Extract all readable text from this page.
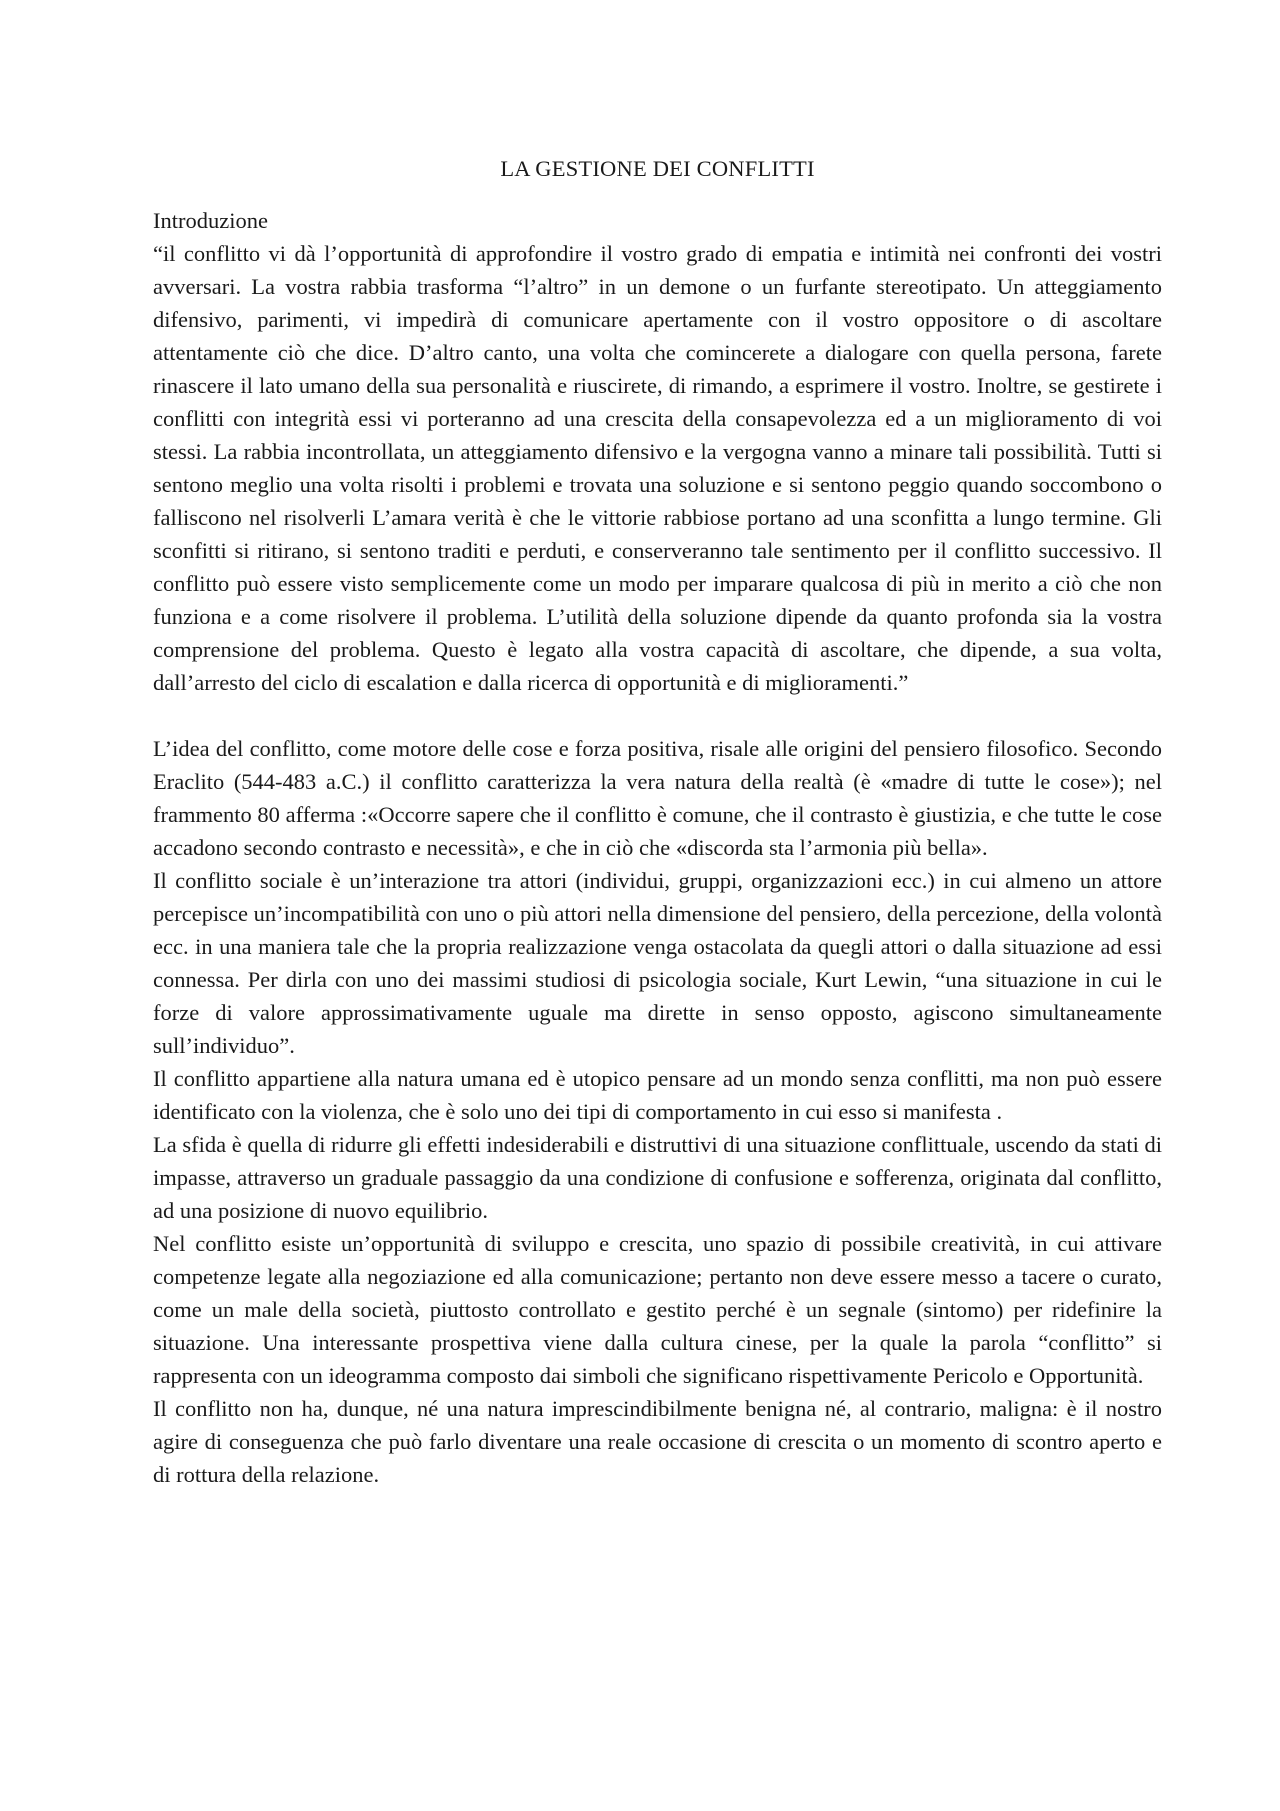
LA GESTIONE DEI CONFLITTI

Introduzione

“il conflitto vi dà l’opportunità di approfondire il vostro grado di empatia e intimità nei confronti dei vostri avversari. La vostra rabbia trasforma “l’altro” in un demone o un furfante stereotipato. Un atteggiamento difensivo, parimenti, vi impedirà di comunicare apertamente con il vostro oppositore o di ascoltare attentamente ciò che dice. D’altro canto, una volta che comincerete a dialogare con quella persona, farete rinascere il lato umano della sua personalità e riuscirete, di rimando, a esprimere il vostro. Inoltre, se gestirete i conflitti con integrità essi vi porteranno ad una crescita della consapevolezza ed a un miglioramento di voi stessi. La rabbia incontrollata, un atteggiamento difensivo e la vergogna vanno a minare tali possibilità. Tutti si sentono meglio una volta risolti i problemi e trovata una soluzione e si sentono peggio quando soccombono o falliscono nel risolverli L’amara verità è che le vittorie rabbiose portano ad una sconfitta a lungo termine. Gli sconfitti si ritirano, si sentono traditi e perduti, e conserveranno tale sentimento per il conflitto successivo. Il conflitto può essere visto semplicemente come un modo per imparare qualcosa di più in merito a ciò che non funziona e a come risolvere il problema. L’utilità della soluzione dipende da quanto profonda sia la vostra comprensione del problema. Questo è legato alla vostra capacità di ascoltare, che dipende, a sua volta, dall’arresto del ciclo di escalation e dalla ricerca di opportunità e di miglioramenti.”

L’idea del conflitto, come motore delle cose e forza positiva, risale alle origini del pensiero filosofico. Secondo Eraclito (544-483 a.C.) il conflitto caratterizza la vera natura della realtà (è «madre di tutte le cose»); nel frammento 80 afferma :«Occorre sapere che il conflitto è comune, che il contrasto è giustizia, e che tutte le cose accadono secondo contrasto e necessità», e che in ciò che «discorda sta l’armonia più bella».

Il conflitto sociale è un’interazione tra attori (individui, gruppi, organizzazioni ecc.) in cui almeno un attore percepisce un’incompatibilità con uno o più attori nella dimensione del pensiero, della percezione, della volontà ecc. in una maniera tale che la propria realizzazione venga ostacolata da quegli attori o dalla situazione ad essi connessa. Per dirla con uno dei massimi studiosi di psicologia sociale, Kurt Lewin, “una situazione in cui le forze di valore approssimativamente uguale ma dirette in senso opposto, agiscono simultaneamente sull’individuo”.

Il conflitto appartiene alla natura umana ed è utopico pensare ad un mondo senza conflitti, ma non può essere identificato con la violenza, che è solo uno dei tipi di comportamento in cui esso si manifesta .

La sfida è quella di ridurre gli effetti indesiderabili e distruttivi di una situazione conflittuale, uscendo da stati di impasse, attraverso un graduale passaggio da una condizione di confusione e sofferenza, originata dal conflitto, ad una posizione di nuovo equilibrio.

Nel conflitto esiste un’opportunità di sviluppo e crescita, uno spazio di possibile creatività, in cui attivare competenze legate alla negoziazione ed alla comunicazione; pertanto non deve essere messo a tacere o curato, come un male della società, piuttosto controllato e gestito perché è un segnale (sintomo) per ridefinire la situazione. Una interessante prospettiva viene dalla cultura cinese, per la quale la parola “conflitto” si rappresenta con un ideogramma composto dai simboli che significano rispettivamente Pericolo e Opportunità.

Il conflitto non ha, dunque, né una natura imprescindibilmente benigna né, al contrario, maligna: è il nostro agire di conseguenza che può farlo diventare una reale occasione di crescita o un momento di scontro aperto e di rottura della relazione.
